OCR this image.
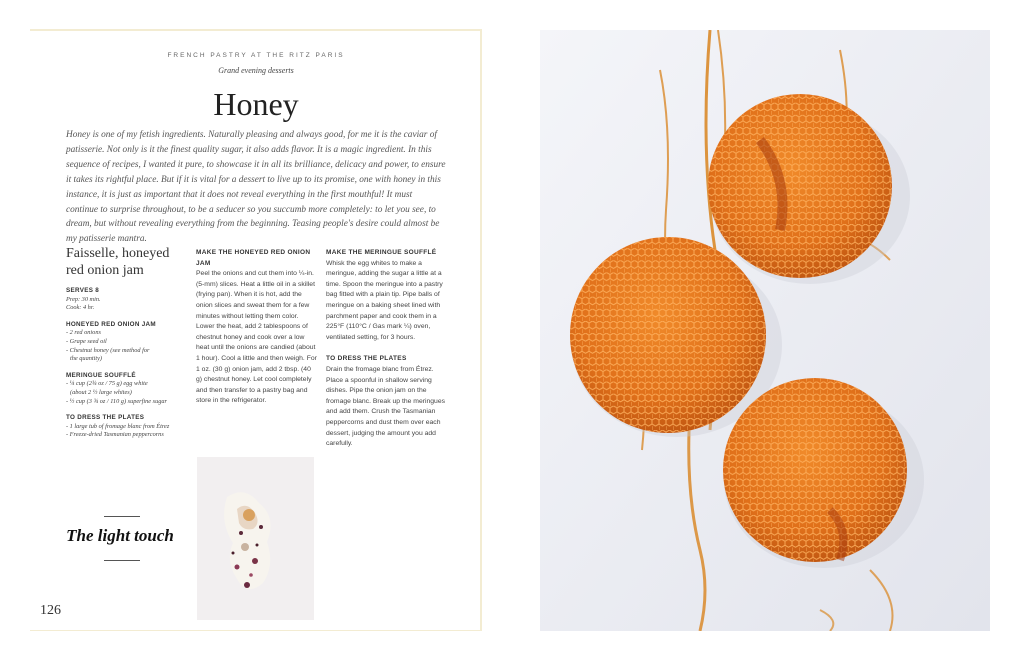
FRENCH PASTRY AT THE RITZ PARIS
Grand evening desserts
Honey
Honey is one of my fetish ingredients. Naturally pleasing and always good, for me it is the caviar of patisserie. Not only is it the finest quality sugar, it also adds flavor. It is a magic ingredient. In this sequence of recipes, I wanted it pure, to showcase it in all its brilliance, delicacy and power, to ensure it takes its rightful place. But if it is vital for a dessert to live up to its promise, one with honey in this instance, it is just as important that it does not reveal everything in the first mouthful! It must continue to surprise throughout, to be a seducer so you succumb more completely: to let you see, to dream, but without revealing everything from the beginning. Teasing people's desire could almost be my patisserie mantra.
Faisselle, honeyed red onion jam

SERVES 8

Prep: 30 min.

Cook: 4 hr.

HONEYED RED ONION JAM

- 2 red onions

- Grape seed oil

- Chestnut honey (see method for

the quantity)

MERINGUE SOUFFLÉ

- ¼ cup (2¾ oz / 75 g) egg white

(about 2 ½ large whites)

- ½ cup (3 ¾ oz / 110 g) superfine sugar

TO DRESS THE PLATES

- 1 large tub of fromage blanc from Étrez

- Freeze-dried Tasmanian peppercorns

MAKE THE HONEYED RED ONION JAM

Peel the onions and cut them into ¼-in. (5-mm) slices. Heat a little oil in a skillet (frying pan). When it is hot, add the onion slices and sweat them for a few minutes without letting them color. Lower the heat, add 2 tablespoons of chestnut honey and cook over a low heat until the onions are candied (about 1 hour). Cool a little and then weigh. For 1 oz. (30 g) onion jam, add 2 tbsp. (40 g) chestnut honey. Let cool completely and then transfer to a pastry bag and store in the refrigerator.

MAKE THE MERINGUE SOUFFLÉ

Whisk the egg whites to make a meringue, adding the sugar a little at a time. Spoon the meringue into a pastry bag fitted with a plain tip. Pipe balls of meringue on a baking sheet lined with parchment paper and cook them in a 225°F (110°C / Gas mark ¼) oven, ventilated setting, for 3 hours.

TO DRESS THE PLATES

Drain the fromage blanc from Étrez. Place a spoonful in shallow serving dishes. Pipe the onion jam on the fromage blanc. Break up the meringues and add them. Crush the Tasmanian peppercorns and dust them over each dessert, judging the amount you add carefully.

The light touch
126
